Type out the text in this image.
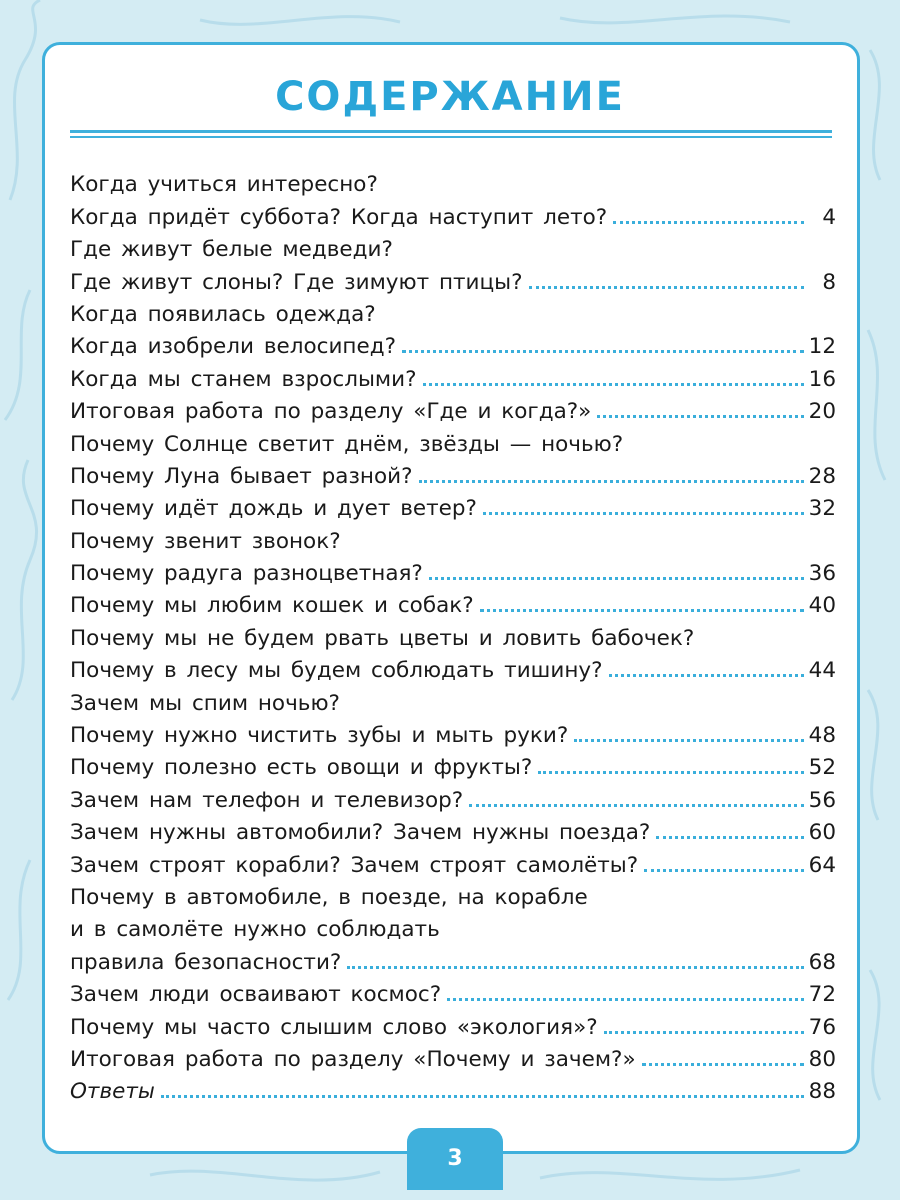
СОДЕРЖАНИЕ
Когда учиться интересно?
Когда придёт суббота? Когда наступит лето?	4
Где живут белые медведи?
Где живут слоны? Где зимуют птицы?	8
Когда появилась одежда?
Когда изобрели велосипед?	12
Когда мы станем взрослыми?	16
Итоговая работа по разделу «Где и когда?»	20
Почему Солнце светит днём, звёзды — ночью?
Почему Луна бывает разной?	28
Почему идёт дождь и дует ветер?	32
Почему звенит звонок?
Почему радуга разноцветная?	36
Почему мы любим кошек и собак?	40
Почему мы не будем рвать цветы и ловить бабочек?
Почему в лесу мы будем соблюдать тишину?	44
Зачем мы спим ночью?
Почему нужно чистить зубы и мыть руки?	48
Почему полезно есть овощи и фрукты?	52
Зачем нам телефон и телевизор?	56
Зачем нужны автомобили? Зачем нужны поезда?	60
Зачем строят корабли? Зачем строят самолёты?	64
Почему в автомобиле, в поезде, на корабле
и в самолёте нужно соблюдать
правила безопасности?	68
Зачем люди осваивают космос?	72
Почему мы часто слышим слово «экология»?	76
Итоговая работа по разделу «Почему и зачем?»	80
Ответы	88
3
